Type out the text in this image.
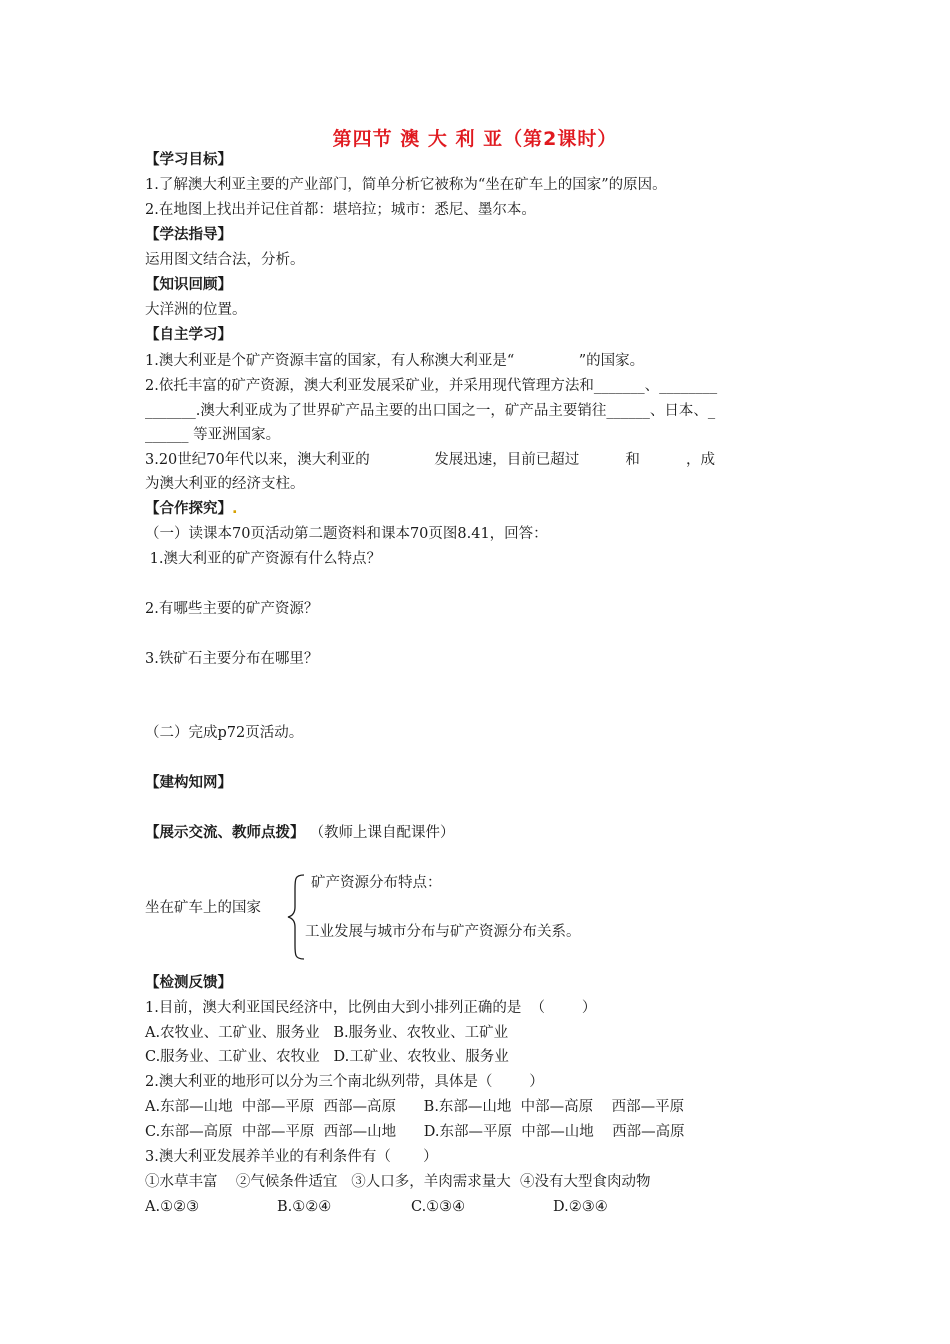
第四节 澳 大 利 亚（第2课时）
【学习目标】
1.了解澳大利亚主要的产业部门，简单分析它被称为“坐在矿车上的国家”的原因。
2.在地图上找出并记住首都：堪培拉；城市：悉尼、墨尔本。
【学法指导】
运用图文结合法，分析。
【知识回顾】
大洋洲的位置。
【自主学习】
1.澳大利亚是个矿产资源丰富的国家，有人称澳大利亚是“              ”的国家。
2.依托丰富的矿产资源，澳大利亚发展采矿业，并采用现代管理方法和_______、________
_______.澳大利亚成为了世界矿产品主要的出口国之一，矿产品主要销往______、日本、_
______ 等亚洲国家。
3.20世纪70年代以来，澳大利亚的              发展迅速，目前已超过          和          ，成
为澳大利亚的经济支柱。
【合作探究】.
（一）读课本70页活动第二题资料和课本70页图8.41，回答：
1.澳大利亚的矿产资源有什么特点？
2.有哪些主要的矿产资源？
3.铁矿石主要分布在哪里？
（二）完成p72页活动。
【建构知网】
【展示交流、教师点拨】 （教师上课自配课件）
坐在矿车上的国家
矿产资源分布特点：
工业发展与城市分布与矿产资源分布关系。
【检测反馈】
1.目前，澳大利亚国民经济中，比例由大到小排列正确的是  （        ）
A.农牧业、工矿业、服务业   B.服务业、农牧业、工矿业
C.服务业、工矿业、农牧业   D.工矿业、农牧业、服务业
2.澳大利亚的地形可以分为三个南北纵列带，具体是（        ）
A.东部—山地  中部—平原  西部—高原      B.东部—山地  中部—高原    西部—平原
C.东部—高原  中部—平原  西部—山地      D.东部—平原  中部—山地    西部—高原
3.澳大利亚发展养羊业的有利条件有（       ）
①水草丰富    ②气候条件适宜   ③人口多，羊肉需求量大  ④没有大型食肉动物
A.①②③	B.①②④	C.①③④	D.②③④
